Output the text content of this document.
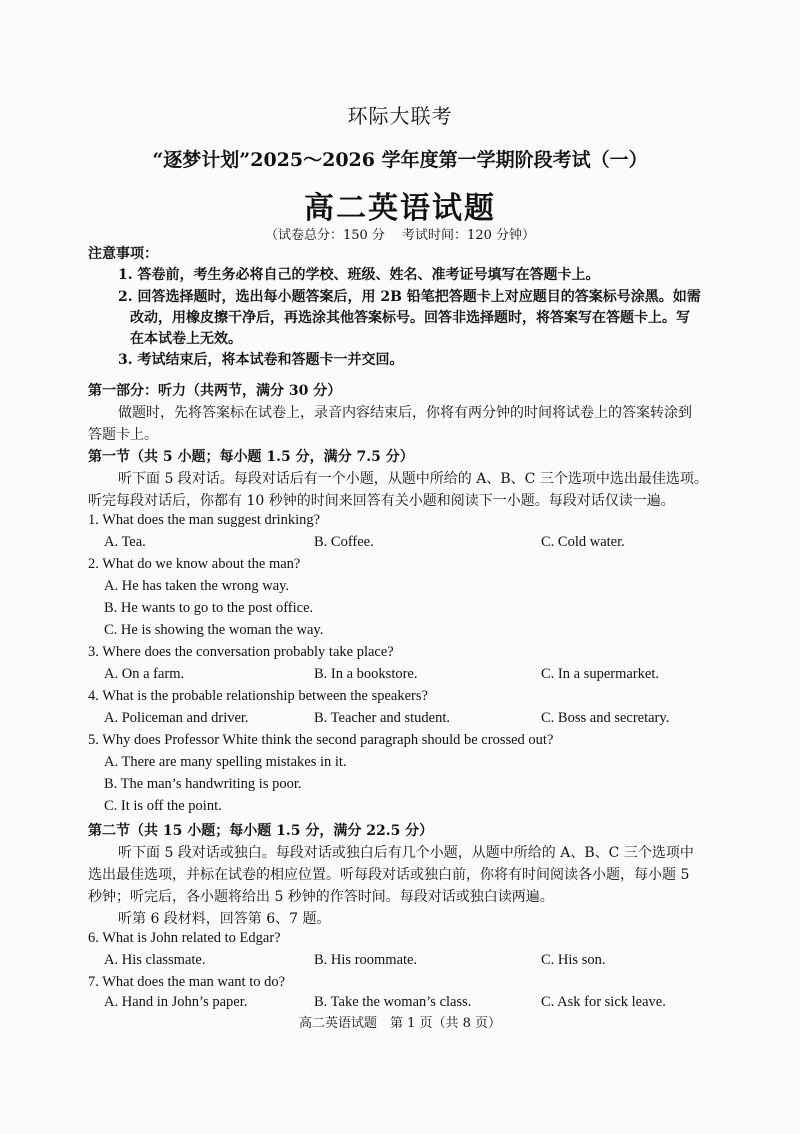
环际大联考
“逐梦计划”2025～2026 学年度第一学期阶段考试（一）
高二英语试题
（试卷总分：150 分　 考试时间：120 分钟）
注意事项：
1. 答卷前，考生务必将自己的学校、班级、姓名、准考证号填写在答题卡上。
2. 回答选择题时，选出每小题答案后，用 2B 铅笔把答题卡上对应题目的答案标号涂黑。如需
改动，用橡皮擦干净后，再选涂其他答案标号。回答非选择题时，将答案写在答题卡上。写
在本试卷上无效。
3. 考试结束后，将本试卷和答题卡一并交回。
第一部分：听力（共两节，满分 30 分）
做题时，先将答案标在试卷上，录音内容结束后，你将有两分钟的时间将试卷上的答案转涂到
答题卡上。
第一节（共 5 小题；每小题 1.5 分，满分 7.5 分）
听下面 5 段对话。每段对话后有一个小题，从题中所给的 A、B、C 三个选项中选出最佳选项。
听完每段对话后，你都有 10 秒钟的时间来回答有关小题和阅读下一小题。每段对话仅读一遍。
1. What does the man suggest drinking?
A. Tea.	B. Coffee.	C. Cold water.
2. What do we know about the man?
A. He has taken the wrong way.
B. He wants to go to the post office.
C. He is showing the woman the way.
3. Where does the conversation probably take place?
A. On a farm.	B. In a bookstore.	C. In a supermarket.
4. What is the probable relationship between the speakers?
A. Policeman and driver.	B. Teacher and student.	C. Boss and secretary.
5. Why does Professor White think the second paragraph should be crossed out?
A. There are many spelling mistakes in it.
B. The man’s handwriting is poor.
C. It is off the point.
第二节（共 15 小题；每小题 1.5 分，满分 22.5 分）
听下面 5 段对话或独白。每段对话或独白后有几个小题，从题中所给的 A、B、C 三个选项中
选出最佳选项，并标在试卷的相应位置。听每段对话或独白前，你将有时间阅读各小题，每小题 5
秒钟；听完后，各小题将给出 5 秒钟的作答时间。每段对话或独白读两遍。
听第 6 段材料，回答第 6、7 题。
6. What is John related to Edgar?
A. His classmate.	B. His roommate.	C. His son.
7. What does the man want to do?
A. Hand in John’s paper.	B. Take the woman’s class.	C. Ask for sick leave.
高二英语试题　第 1 页（共 8 页）
